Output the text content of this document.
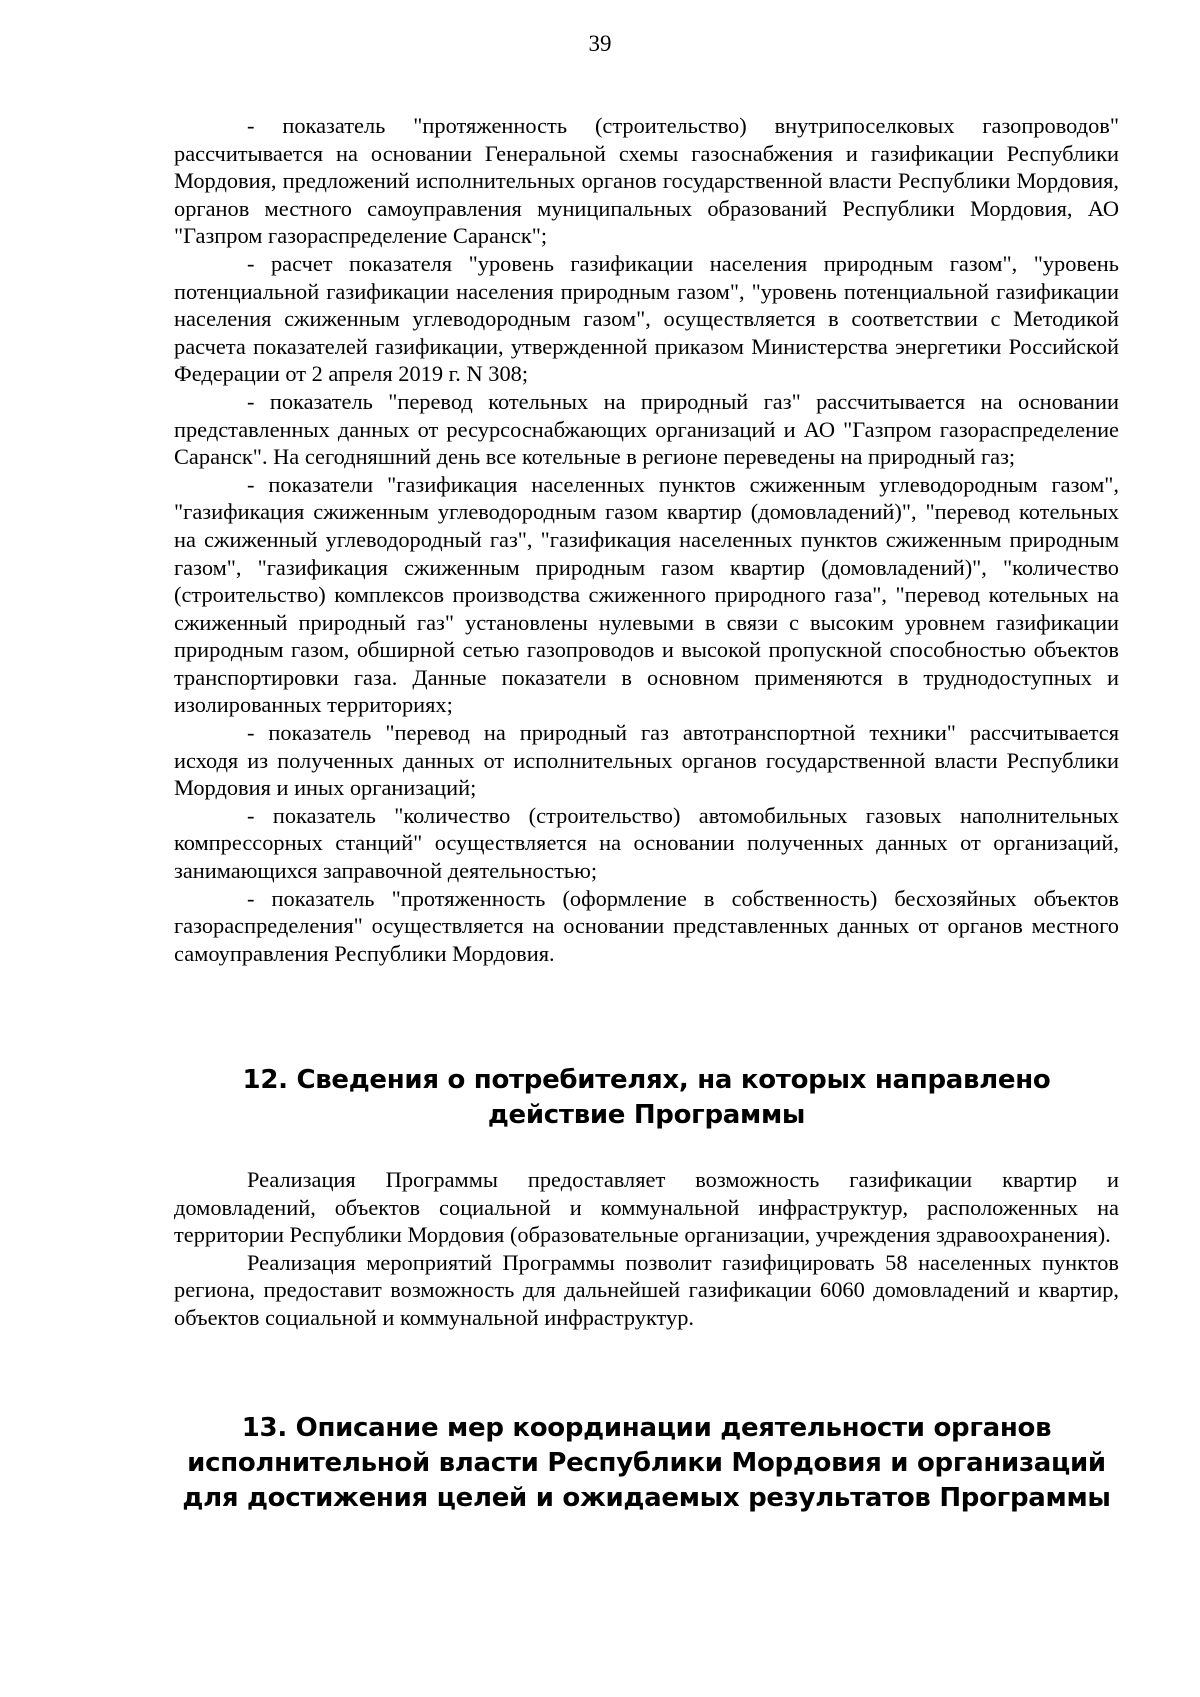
39

- показатель "протяженность (строительство) внутрипоселковых газопроводов" рассчитывается на основании Генеральной схемы газоснабжения и газификации Республики Мордовия, предложений исполнительных органов государственной власти Республики Мордовия, органов местного самоуправления муниципальных образований Республики Мордовия, АО "Газпром газораспределение Саранск";

- расчет показателя "уровень газификации населения природным газом", "уровень потенциальной газификации населения природным газом", "уровень потенциальной газификации населения сжиженным углеводородным газом", осуществляется в соответствии с Методикой расчета показателей газификации, утвержденной приказом Министерства энергетики Российской Федерации от 2 апреля 2019 г. N 308;

- показатель "перевод котельных на природный газ" рассчитывается на основании представленных данных от ресурсоснабжающих организаций и АО "Газпром газораспределение Саранск". На сегодняшний день все котельные в регионе переведены на природный газ;

- показатели "газификация населенных пунктов сжиженным углеводородным газом", "газификация сжиженным углеводородным газом квартир (домовладений)", "перевод котельных на сжиженный углеводородный газ", "газификация населенных пунктов сжиженным природным газом", "газификация сжиженным природным газом квартир (домовладений)", "количество (строительство) комплексов производства сжиженного природного газа", "перевод котельных на сжиженный природный газ" установлены нулевыми в связи с высоким уровнем газификации природным газом, обширной сетью газопроводов и высокой пропускной способностью объектов транспортировки газа. Данные показатели в основном применяются в труднодоступных и изолированных территориях;

- показатель "перевод на природный газ автотранспортной техники" рассчитывается исходя из полученных данных от исполнительных органов государственной власти Республики Мордовия и иных организаций;

- показатель "количество (строительство) автомобильных газовых наполнительных компрессорных станций" осуществляется на основании полученных данных от организаций, занимающихся заправочной деятельностью;

- показатель "протяженность (оформление в собственность) бесхозяйных объектов газораспределения" осуществляется на основании представленных данных от органов местного самоуправления Республики Мордовия.

12. Сведения о потребителях, на которых направлено действие Программы

Реализация Программы предоставляет возможность газификации квартир и домовладений, объектов социальной и коммунальной инфраструктур, расположенных на территории Республики Мордовия (образовательные организации, учреждения здравоохранения).

Реализация мероприятий Программы позволит газифицировать 58 населенных пунктов региона, предоставит возможность для дальнейшей газификации 6060 домовладений и квартир, объектов социальной и коммунальной инфраструктур.

13. Описание мер координации деятельности органов исполнительной власти Республики Мордовия и организаций для достижения целей и ожидаемых результатов Программы
